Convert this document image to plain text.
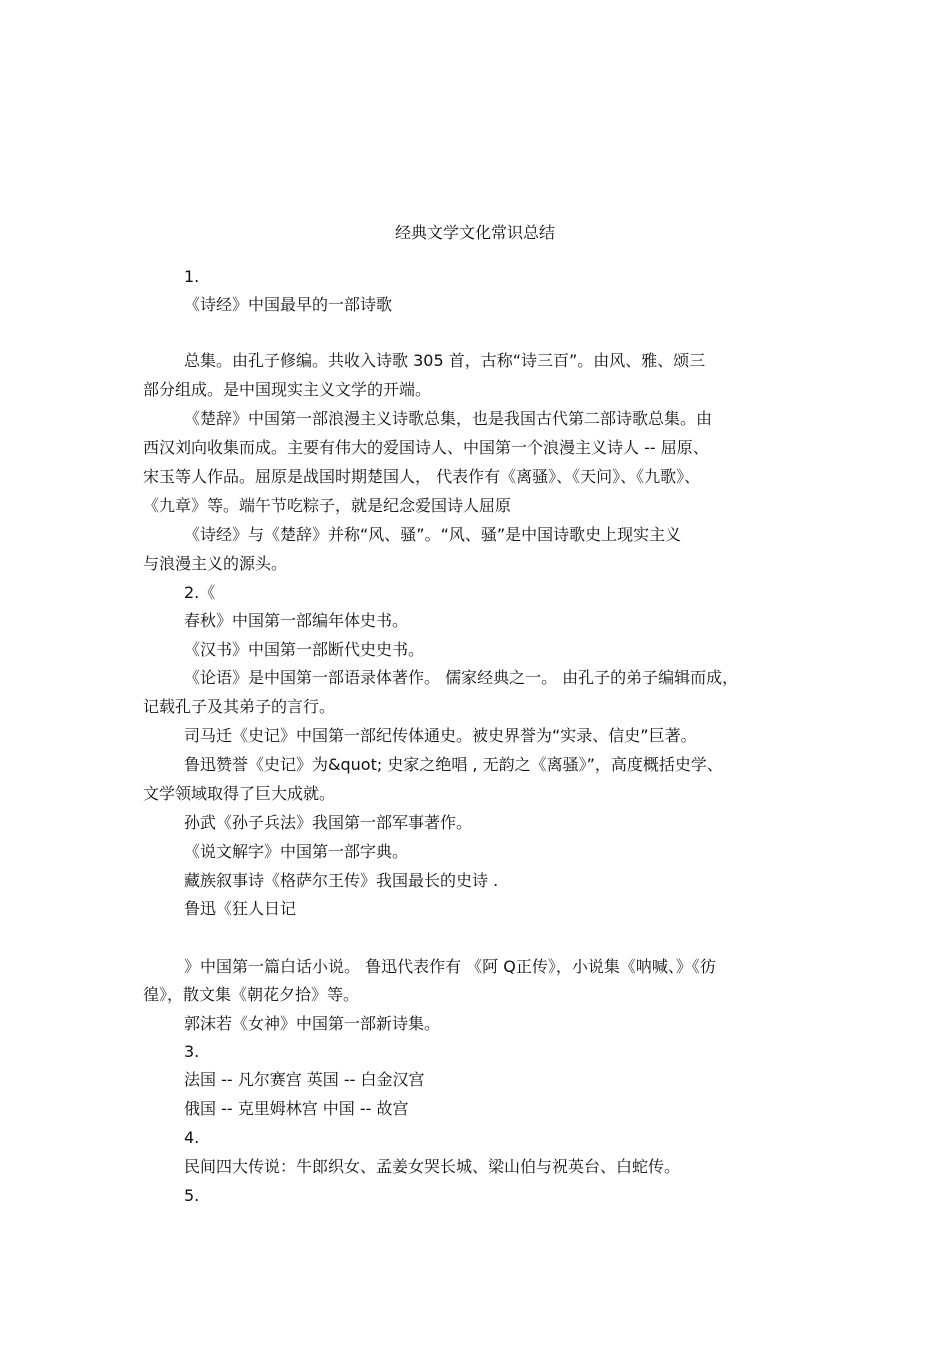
经典文学文化常识总结
1.
《诗经》中国最早的一部诗歌
总集。由孔子修编。共收入诗歌 305 首，古称“诗三百”。由风、雅、颂三
部分组成。是中国现实主义文学的开端。
《楚辞》中国第一部浪漫主义诗歌总集，也是我国古代第二部诗歌总集。由
西汉刘向收集而成。主要有伟大的爱国诗人、中国第一个浪漫主义诗人 -- 屈原、
宋玉等人作品。屈原是战国时期楚国人， 代表作有《离骚》、《天问》、《九歌》、
《九章》等。端午节吃粽子，就是纪念爱国诗人屈原
《诗经》与《楚辞》并称“风、骚”。“风、骚”是中国诗歌史上现实主义
与浪漫主义的源头。
2.《
春秋》中国第一部编年体史书。
《汉书》中国第一部断代史史书。
《论语》是中国第一部语录体著作。 儒家经典之一。 由孔子的弟子编辑而成，
记载孔子及其弟子的言行。
司马迁《史记》中国第一部纪传体通史。被史界誉为“实录、信史”巨著。
鲁迅赞誉《史记》为&quot; 史家之绝唱 , 无韵之《离骚》”，高度概括史学、
文学领域取得了巨大成就。
孙武《孙子兵法》我国第一部军事著作。
《说文解字》中国第一部字典。
藏族叙事诗《格萨尔王传》我国最长的史诗 .
鲁迅《狂人日记
》中国第一篇白话小说。 鲁迅代表作有 《阿 Q正传》，小说集《呐喊、》《彷
徨》，散文集《朝花夕拾》等。
郭沫若《女神》中国第一部新诗集。
3.
法国 -- 凡尔赛宫 英国 -- 白金汉宫
俄国 -- 克里姆林宫 中国 -- 故宫
4.
民间四大传说：牛郎织女、孟姜女哭长城、梁山伯与祝英台、白蛇传。
5.
